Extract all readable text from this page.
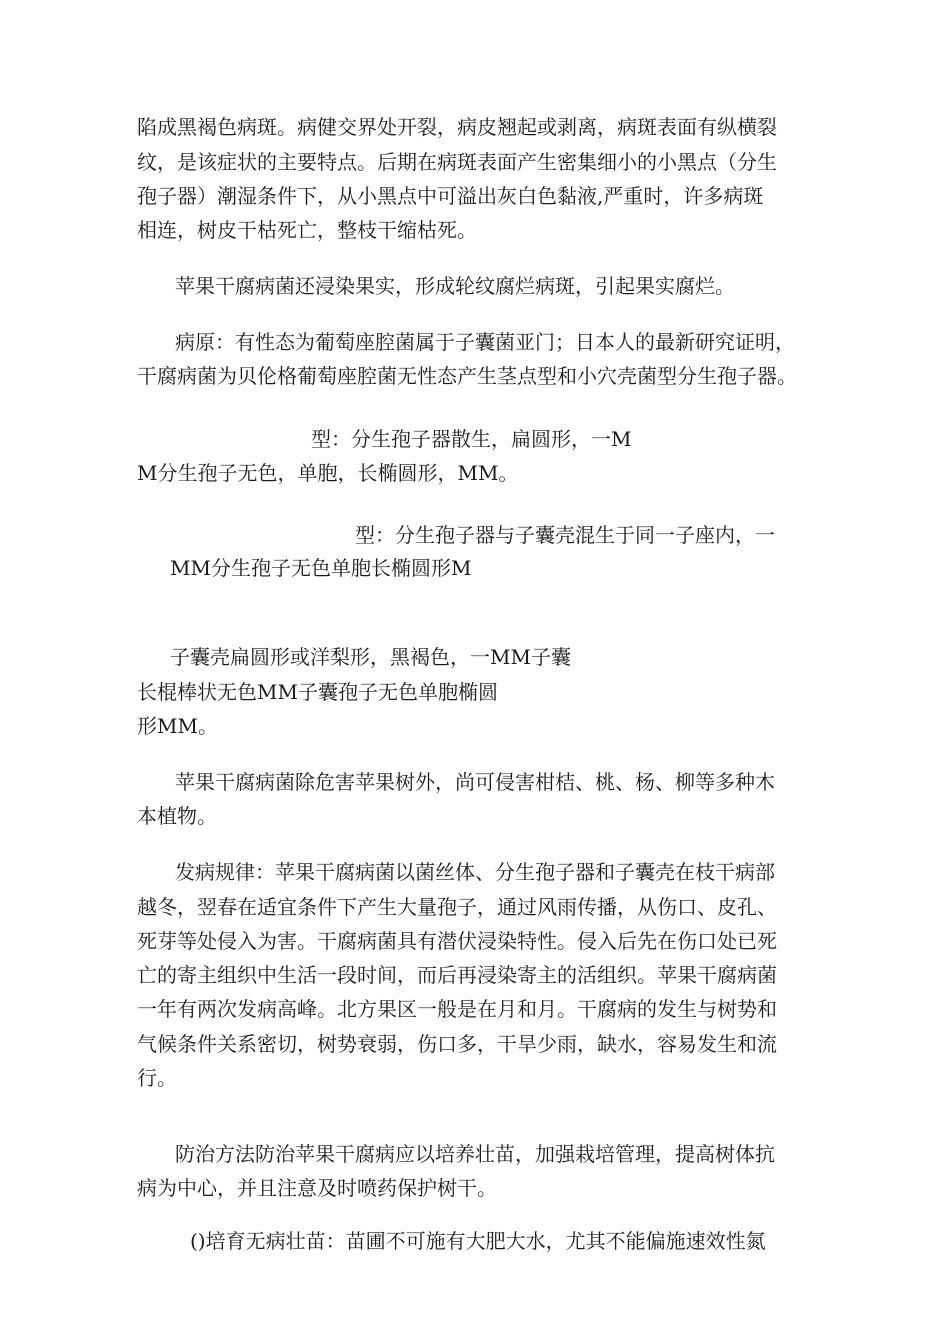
陷成黑褐色病斑。病健交界处开裂，病皮翘起或剥离，病斑表面有纵横裂
纹，是该症状的主要特点。后期在病斑表面产生密集细小的小黑点（分生
孢子器）潮湿条件下，从小黑点中可溢出灰白色黏液,严重时，许多病斑
相连，树皮干枯死亡，整枝干缩枯死。
苹果干腐病菌还浸染果实，形成轮纹腐烂病斑，引起果实腐烂。
病原：有性态为葡萄座腔菌属于子囊菌亚门；日本人的最新研究证明，
干腐病菌为贝伦格葡萄座腔菌无性态产生茎点型和小穴壳菌型分生孢子器。
型：分生孢子器散生，扁圆形，一M
M分生孢子无色，单胞，长椭圆形，MM。
型：分生孢子器与子囊壳混生于同一子座内，一
MM分生孢子无色单胞长椭圆形M
子囊壳扁圆形或洋梨形，黑褐色，一MM子囊
长棍棒状无色MM子囊孢子无色单胞椭圆
形MM。
苹果干腐病菌除危害苹果树外，尚可侵害柑桔、桃、杨、柳等多种木
本植物。
发病规律：苹果干腐病菌以菌丝体、分生孢子器和子囊壳在枝干病部
越冬，翌春在适宜条件下产生大量孢子，通过风雨传播，从伤口、皮孔、
死芽等处侵入为害。干腐病菌具有潜伏浸染特性。侵入后先在伤口处已死
亡的寄主组织中生活一段时间，而后再浸染寄主的活组织。苹果干腐病菌
一年有两次发病高峰。北方果区一般是在月和月。干腐病的发生与树势和
气候条件关系密切，树势衰弱，伤口多，干旱少雨，缺水，容易发生和流
行。
防治方法防治苹果干腐病应以培养壮苗，加强栽培管理，提高树体抗
病为中心，并且注意及时喷药保护树干。
()培育无病壮苗：苗圃不可施有大肥大水，尤其不能偏施速效性氮
